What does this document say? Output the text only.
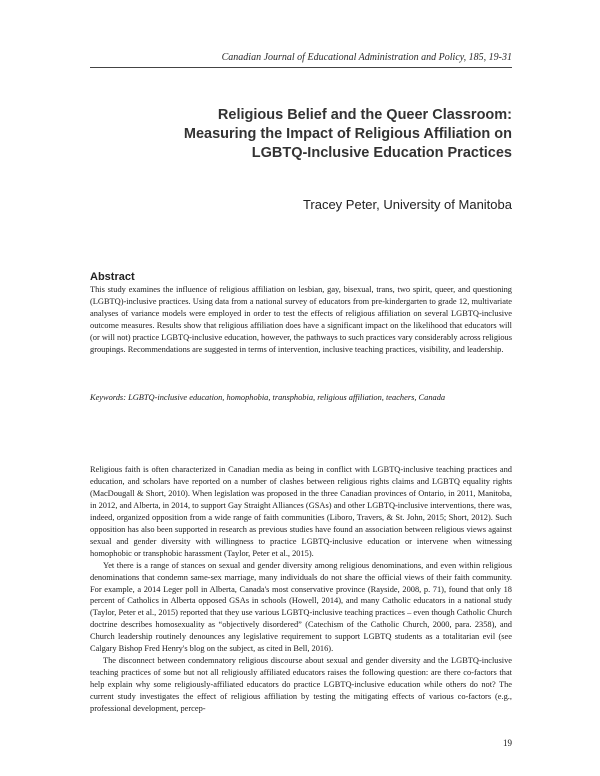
Canadian Journal of Educational Administration and Policy, 185, 19-31
Religious Belief and the Queer Classroom:
Measuring the Impact of Religious Affiliation on
LGBTQ-Inclusive Education Practices
Tracey Peter, University of Manitoba
Abstract
This study examines the influence of religious affiliation on lesbian, gay, bisexual, trans, two spirit, queer, and questioning (LGBTQ)-inclusive practices. Using data from a national survey of educators from pre-kindergarten to grade 12, multivariate analyses of variance models were employed in order to test the effects of religious affiliation on several LGBTQ-inclusive outcome measures. Results show that religious affiliation does have a significant impact on the likelihood that educators will (or will not) practice LGBTQ-inclusive education, however, the pathways to such practices vary considerably across religious groupings. Recommendations are suggested in terms of intervention, inclusive teaching practices, visibility, and leadership.
Keywords: LGBTQ-inclusive education, homophobia, transphobia, religious affiliation, teachers, Canada

Religious faith is often characterized in Canadian media as being in conflict with LGBTQ-inclusive teaching practices and education, and scholars have reported on a number of clashes between religious rights claims and LGBTQ equality rights (MacDougall & Short, 2010). When legislation was proposed in the three Canadian provinces of Ontario, in 2011, Manitoba, in 2012, and Alberta, in 2014, to support Gay Straight Alliances (GSAs) and other LGBTQ-inclusive interventions, there was, indeed, organized opposition from a wide range of faith communities (Liboro, Travers, & St. John, 2015; Short, 2012). Such opposition has also been supported in research as previous studies have found an association between religious views against sexual and gender diversity with willingness to practice LGBTQ-inclusive education or intervene when witnessing homophobic or transphobic harassment (Taylor, Peter et al., 2015).

Yet there is a range of stances on sexual and gender diversity among religious denominations, and even within religious denominations that condemn same-sex marriage, many individuals do not share the official views of their faith community. For example, a 2014 Leger poll in Alberta, Canada's most conservative province (Rayside, 2008, p. 71), found that only 18 percent of Catholics in Alberta opposed GSAs in schools (Howell, 2014), and many Catholic educators in a national study (Taylor, Peter et al., 2015) reported that they use various LGBTQ-inclusive teaching practices – even though Catholic Church doctrine describes homosexuality as “objectively disordered” (Catechism of the Catholic Church, 2000, para. 2358), and Church leadership routinely denounces any legislative requirement to support LGBTQ students as a totalitarian evil (see Calgary Bishop Fred Henry's blog on the subject, as cited in Bell, 2016).

The disconnect between condemnatory religious discourse about sexual and gender diversity and the LGBTQ-inclusive teaching practices of some but not all religiously affiliated educators raises the following question: are there co-factors that help explain why some religiously-affiliated educators do practice LGBTQ-inclusive education while others do not? The current study investigates the effect of religious affiliation by testing the mitigating effects of various co-factors (e.g., professional development, percep-

19
